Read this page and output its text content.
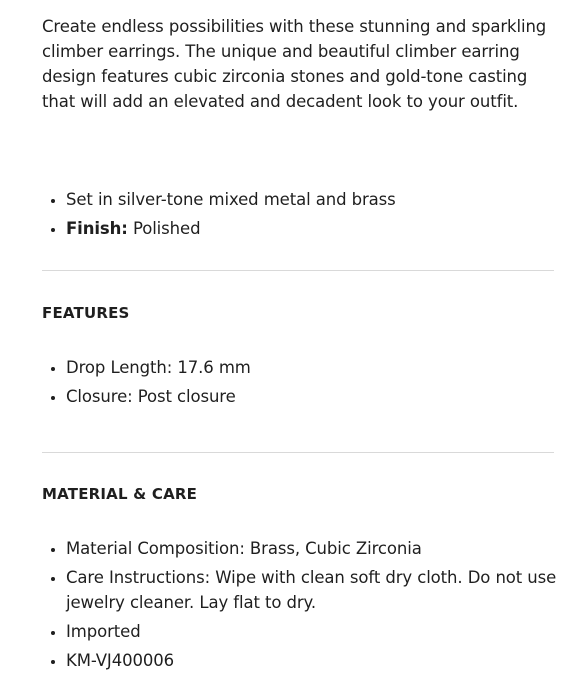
Create endless possibilities with these stunning and sparkling climber earrings. The unique and beautiful climber earring design features cubic zirconia stones and gold-tone casting that will add an elevated and decadent look to your outfit.

• Set in silver-tone mixed metal and brass
• Finish: Polished
FEATURES
• Drop Length: 17.6 mm
• Closure: Post closure
MATERIAL & CARE
• Material Composition: Brass, Cubic Zirconia
• Care Instructions: Wipe with clean soft dry cloth. Do not use jewelry cleaner. Lay flat to dry.
• Imported
• KM-VJ400006
